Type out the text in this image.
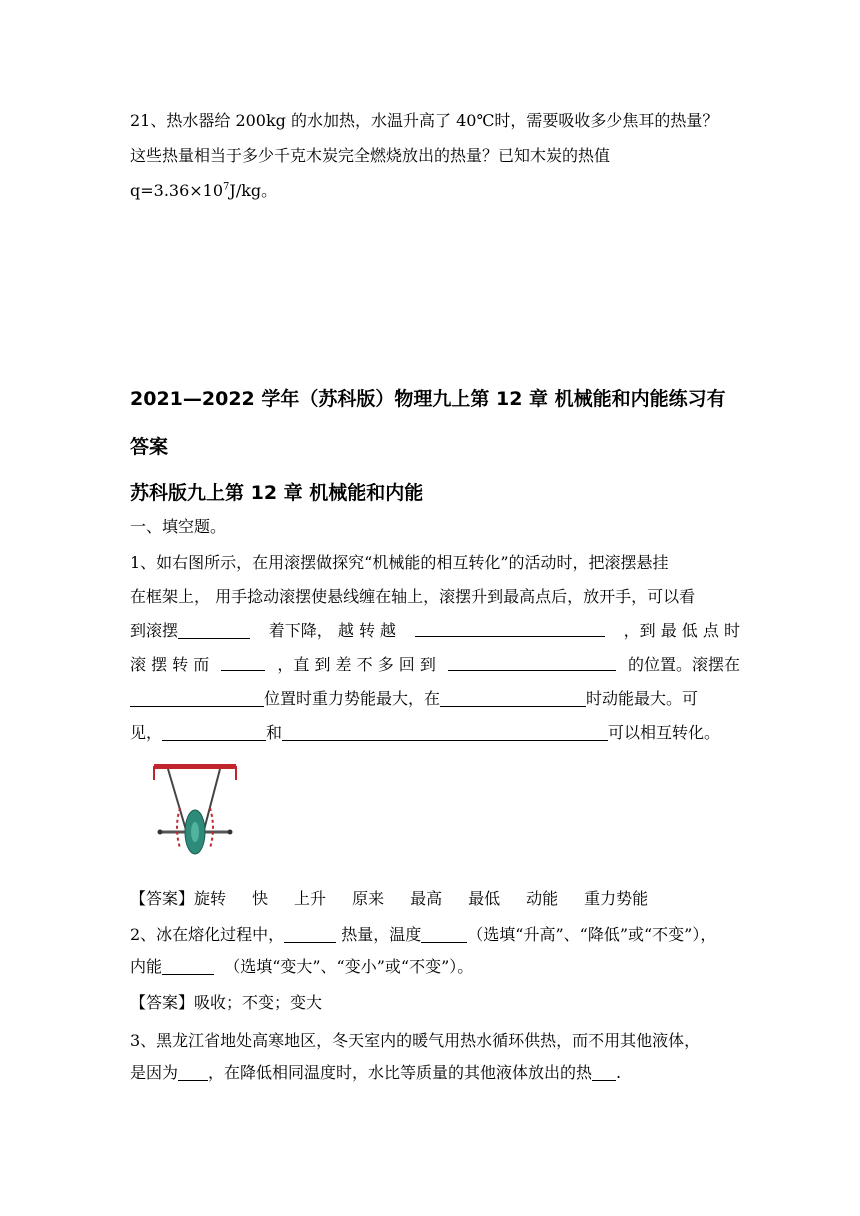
21、热水器给 200kg 的水加热，水温升高了 40℃时，需要吸收多少焦耳的热量？
这些热量相当于多少千克木炭完全燃烧放出的热量？已知木炭的热值
$q=3.36\times 10^7J/kg$。
2021—2022 学年（苏科版）物理九上第 12 章 机械能和内能练习有
答案
苏科版九上第 12 章 机械能和内能
一、填空题。
1、如右图所示，在用滚摆做探究“机械能的相互转化”的活动时，把滚摆悬挂
在框架上， 用手捻动滚摆使悬线缠在轴上，滚摆升到最高点后，放开手，可以看
到滚摆	着下降， 越 转 越	，到 最 低 点 时
滚 摆 转 而	，直 到 差 不 多 回 到	的位置。滚摆在
位置时重力势能最大，在	时动能最大。可
见，	和	可以相互转化。
【答案】旋转 快 上升 原来 最高 最低 动能 重力势能
2、冰在熔化过程中，	热量，温度	（选填“升高”、“降低”或“不变”），
内能	（选填“变大”、“变小”或“不变”）。
【答案】吸收；不变；变大
3、黑龙江省地处高寒地区，冬天室内的暖气用热水循环供热，而不用其他液体，
是因为 ，在降低相同温度时，水比等质量的其他液体放出的热 .
